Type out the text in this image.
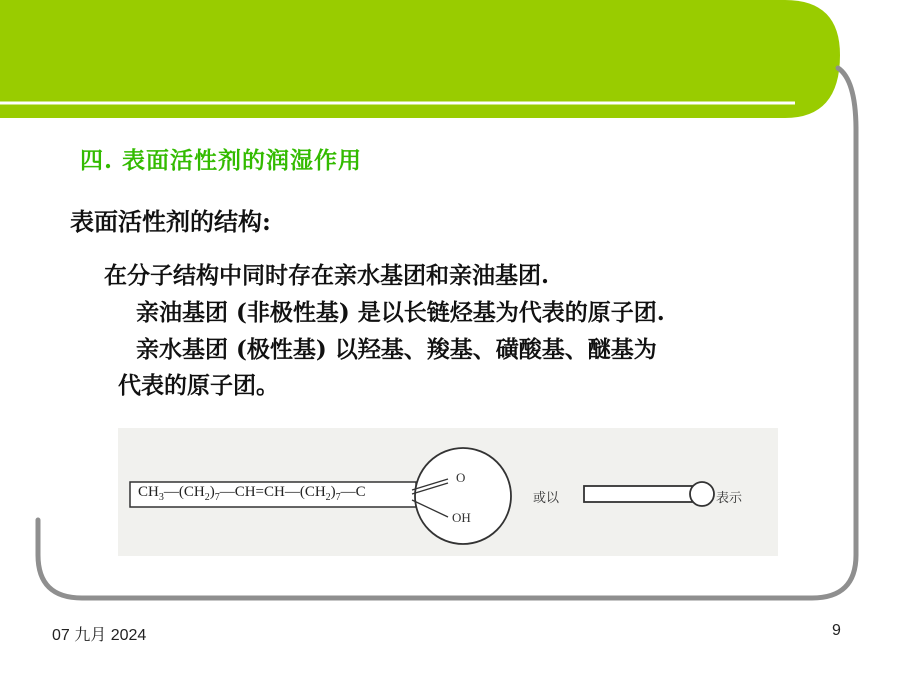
四. 表面活性剂的润湿作用
表面活性剂的结构:
在分子结构中同时存在亲水基团和亲油基团.
亲油基团 (非极性基) 是以长链烃基为代表的原子团.
亲水基团 (极性基) 以羟基、羧基、磺酸基、醚基为
代表的原子团。
$CH_3—(CH_2)_7—CH=CH—(CH_2)_7—C$
O
OH
或以	表示
07 九月 2024	9
